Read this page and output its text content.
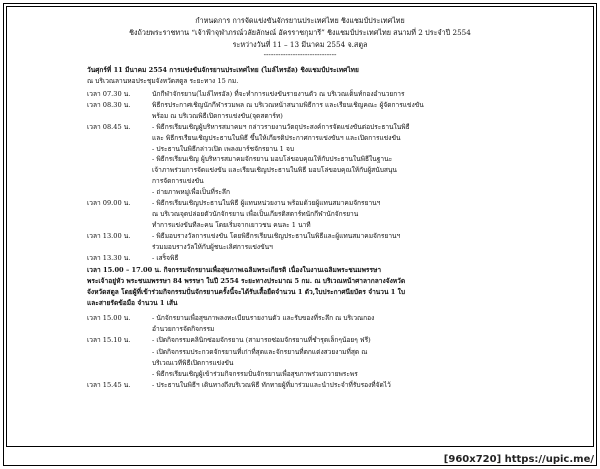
กำหนดการ การจัดแข่งขันจักรยานประเทศไทย ชิงแชมป์ประเทศไทย
ชิงถ้วยพระราชทาน “เจ้าฟ้าจุฬาภรณ์วลัยลักษณ์ อัครราชกุมารี” ชิงแชมป์ประเทศไทย สนามที่ 2 ประจำปี 2554
ระหว่างวันที่ 11 – 13 มีนาคม 2554 จ.สตูล
------------------------------
วันศุกร์ที่ 11 มีนาคม 2554 การแข่งขันจักรยานประเทศไทย (ไมล์ไทรอัล) ชิงแชมป์ประเทศไทย
ณ บริเวณลานหอประชุมจังหวัดสตูล ระยะทาง 15 กม.
เวลา 07.30 น.	นักกีฬาจักรยาน(ไมล์ไทรอัล) ที่จะทำการแข่งขันรายงานตัว ณ บริเวณเต็นท์กองอำนวยการ
เวลา 08.30 น.	พิธีกรประกาศเชิญนักกีฬารวมพล ณ บริเวณหน้าสนามพิธีการ และเรียนเชิญคณะ ผู้จัดการแข่งขัน
พร้อม ณ บริเวณพิธีเปิดการแข่งขัน(จุดสตาร์ท)
เวลา 08.45 น.	- พิธีกรเรียนเชิญผู้บริหารสมาคมฯ กล่าวรายงานวัตถุประสงค์การจัดแข่งขันต่อประธานในพิธี
และ พิธีกรเรียนเชิญประธานในพิธี ขึ้นให้เกียรติประกาศการแข่งขันฯ และเปิดการแข่งขัน
- ประธานในพิธีกล่าวเปิด เพลงมาร์ชจักรยาน 1 จบ
- พิธีกรเรียนเชิญ ผู้บริหารสมาคมจักรยาน มอบโล่ขอบคุณให้กับประธานในพิธีในฐานะ
เจ้าภาพร่วมการจัดแข่งขัน และเรียนเชิญประธานในพิธี มอบโล่ขอบคุณให้กับผู้สนับสนุน
การจัดการแข่งขัน
- ถ่ายภาพหมู่เพื่อเป็นที่ระลึก
เวลา 09.00 น.	- พิธีกรเรียนเชิญประธานในพิธี ผู้แทนหน่วยงาน พร้อมด้วยผู้แทนสมาคมจักรยานฯ
ณ บริเวณจุดปล่อยตัวนักจักรยาน เพื่อเป็นเกียรติสตาร์ทนักกีฬานักจักรยาน
ทำการแข่งขันทีละคน โดยเริ่มจากเยาวชน คนละ 1 นาที
เวลา 13.00 น.	- พิธีมอบรางวัลการแข่งขัน โดยพิธีกรเรียนเชิญประธานในพิธีและผู้แทนสมาคมจักรยานฯ
ร่วมมอบรางวัลให้กับผู้ชนะเลิศการแข่งขันฯ
เวลา 13.30 น.	- เสร็จพิธี
เวลา 15.00 – 17.00 น. กิจกรรมจักรยานเพื่อสุขภาพเฉลิมพระเกียรติ เนื่องในงานเฉลิมพระชนมพรรษา
พระเจ้าอยู่หัว พระชนมพรรษา 84 พรรษา ในปี 2554 ระยะทางประมาณ 5 กม. ณ บริเวณหน้าศาลากลางจังหวัด
จังหวัดสตูล โดยผู้ที่เข้าร่วมกิจกรรมปั่นจักรยานครั้งนี้จะได้รับเสื้อยืดจำนวน 1 ตัว,ใบประกาศนียบัตร จำนวน 1 ใบ
และสายรัดข้อมือ จำนวน 1 เส้น
เวลา 15.00 น.	- นักจักรยานเพื่อสุขภาพลงทะเบียนรายงานตัว และรับของที่ระลึก ณ บริเวณกอง
อำนวยการจัดกิจกรรม
เวลา 15.10 น.	- เปิดกิจกรรมคลินิกซ่อมจักรยาน (สามารถซ่อมจักรยานที่ชำรุดเล็กๆน้อยๆ ฟรี)
- เปิดกิจกรรมประกวดจักรยานที่เก่าที่สุดและจักรยานที่ตกแต่งสวยงามที่สุด ณ
บริเวณเวทีพิธีเปิดการแข่งขัน
- พิธีกรเรียนเชิญผู้เข้าร่วมกิจกรรมปั่นจักรยานเพื่อสุขภาพร่วมถวายพระพร
เวลา 15.45 น.	- ประธานในพิธีฯ เดินทางถึงบริเวณพิธี ทักทายผู้ที่มาร่วมและนำประจำที่รับรองที่จัดไว้
[960x720] https://upic.me/
